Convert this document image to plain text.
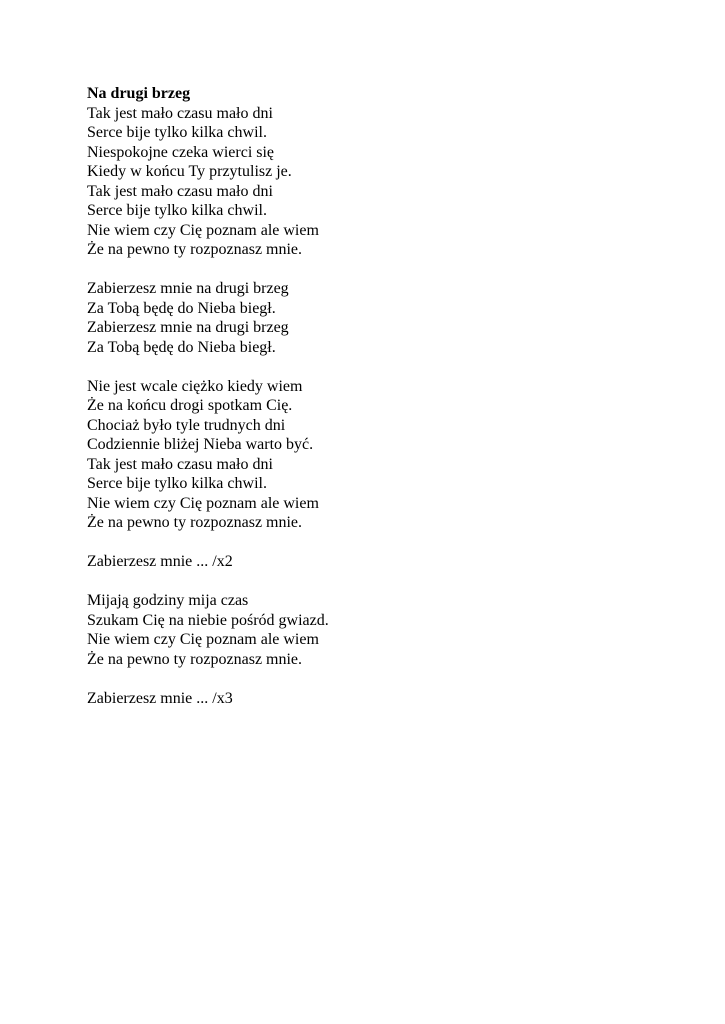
Na drugi brzeg
Tak jest mało czasu mało dni
Serce bije tylko kilka chwil.
Niespokojne czeka wierci się
Kiedy w końcu Ty przytulisz je.
Tak jest mało czasu mało dni
Serce bije tylko kilka chwil.
Nie wiem czy Cię poznam ale wiem
Że na pewno ty rozpoznasz mnie.
Zabierzesz mnie na drugi brzeg
Za Tobą będę do Nieba biegł.
Zabierzesz mnie na drugi brzeg
Za Tobą będę do Nieba biegł.
Nie jest wcale ciężko kiedy wiem
Że na końcu drogi spotkam Cię.
Chociaż było tyle trudnych dni
Codziennie bliżej Nieba warto być.
Tak jest mało czasu mało dni
Serce bije tylko kilka chwil.
Nie wiem czy Cię poznam ale wiem
Że na pewno ty rozpoznasz mnie.
Zabierzesz mnie ... /x2
Mijają godziny mija czas
Szukam Cię na niebie pośród gwiazd.
Nie wiem czy Cię poznam ale wiem
Że na pewno ty rozpoznasz mnie.
Zabierzesz mnie ... /x3
